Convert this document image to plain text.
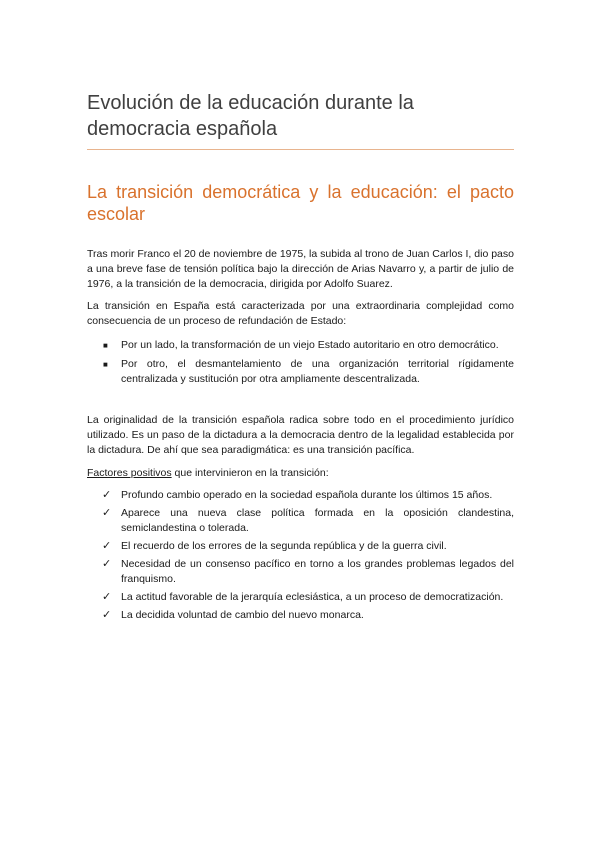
Evolución de la educación durante la democracia española
La transición democrática y la educación: el pacto escolar

Tras morir Franco el 20 de noviembre de 1975, la subida al trono de Juan Carlos I, dio paso a una breve fase de tensión política bajo la dirección de Arias Navarro y, a partir de julio de 1976, a la transición de la democracia, dirigida por Adolfo Suarez.

La transición en España está caracterizada por una extraordinaria complejidad como consecuencia de un proceso de refundación de Estado:

■ Por un lado, la transformación de un viejo Estado autoritario en otro democrático.
■ Por otro, el desmantelamiento de una organización territorial rígidamente centralizada y sustitución por otra ampliamente descentralizada.

La originalidad de la transición española radica sobre todo en el procedimiento jurídico utilizado. Es un paso de la dictadura a la democracia dentro de la legalidad establecida por la dictadura. De ahí que sea paradigmática: es una transición pacífica.

Factores positivos que intervinieron en la transición:

✓ Profundo cambio operado en la sociedad española durante los últimos 15 años.
✓ Aparece una nueva clase política formada en la oposición clandestina, semiclandestina o tolerada.
✓ El recuerdo de los errores de la segunda república y de la guerra civil.
✓ Necesidad de un consenso pacífico en torno a los grandes problemas legados del franquismo.
✓ La actitud favorable de la jerarquía eclesiástica, a un proceso de democratización.
✓ La decidida voluntad de cambio del nuevo monarca.
